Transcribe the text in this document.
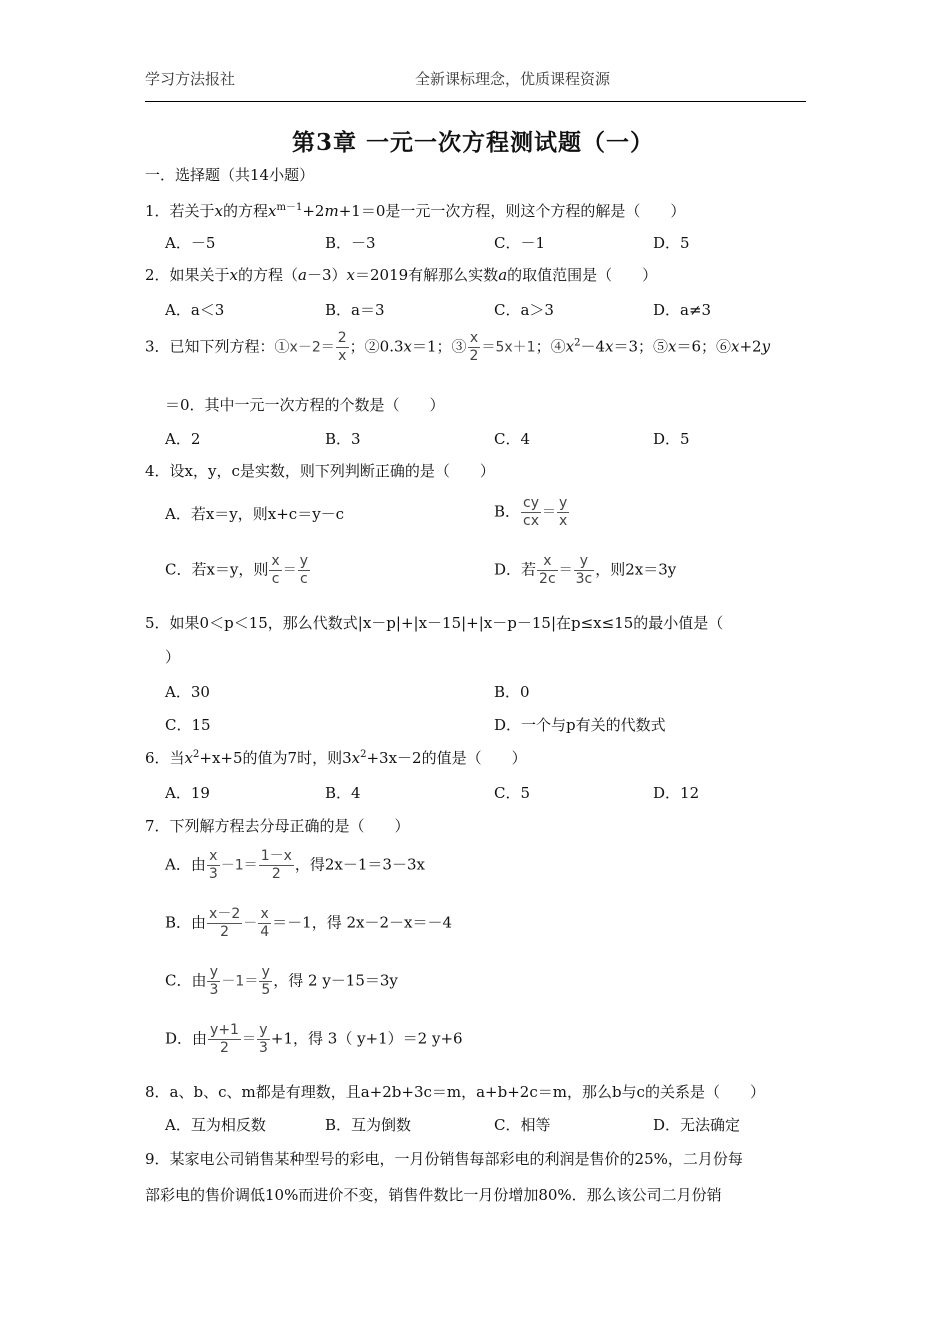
学习方法报社	全新课标理念，优质课程资源
第3章 一元一次方程测试题（一）
一．选择题（共14小题）
1．若关于x的方程$x^{m-1}+2m+1=0$是一元一次方程，则这个方程的解是（　　）
A．－5	B．－3	C．－1	D．5
2．如果关于x的方程（a－3）x＝2019有解那么实数a的取值范围是（　　）
A．a＜3	B．a＝3	C．a＞3	D．a≠3
3．已知下列方程：①x－2＝ $\frac{2}{x}$ ；②0.3x＝1；③ $\frac{x}{2} =5x+1$；$④x^2-4x=3$；⑤x＝6；⑥x+2y
＝0．其中一元一次方程的个数是（　　）
A．2	B．3	C．4	D．5
4．设x，y，c是实数，则下列判断正确的是（　　）
A．若x＝y，则x+c＝y－c	B． $\frac{cy}{cx} = \frac{y}{x}$
C．若x＝y，则 $\frac{x}{c} = \frac{y}{c}$	D．若 $\frac{x}{2c} = \frac{y}{3c}$ ，则2x＝3y
5．如果0＜p＜15，那么代数式|x－p|+|x－15|+|x－p－15|在p≤x≤15的最小值是（
）
A．30	B．0
C．15	D．一个与p有关的代数式
6．当$x^2+x+5$的值为7时，则$3x^2+3x-2$的值是（　　）
A．19	B．4	C．5	D．12
7．下列解方程去分母正确的是（　　）
A．由 $\frac{x}{3} -1= \frac{1-x}{2}$ ，得2x－1＝3－3x
B．由 $\frac{x-2}{2} - \frac{x}{4} =-1$，得 2x－2－x＝－4
C．由 $\frac{y}{3} -1= \frac{y}{5}$ ，得 2 y－15＝3y
D．由 $\frac{y+1}{2} = \frac{y}{3} +1$，得 3（ y+1）＝2 y+6
8．a、b、c、m都是有理数，且a+2b+3c＝m，a+b+2c＝m，那么b与c的关系是（　　）
A．互为相反数	B．互为倒数	C．相等	D．无法确定
9．某家电公司销售某种型号的彩电，一月份销售每部彩电的利润是售价的25%，二月份每
部彩电的售价调低10%而进价不变，销售件数比一月份增加80%．那么该公司二月份销
